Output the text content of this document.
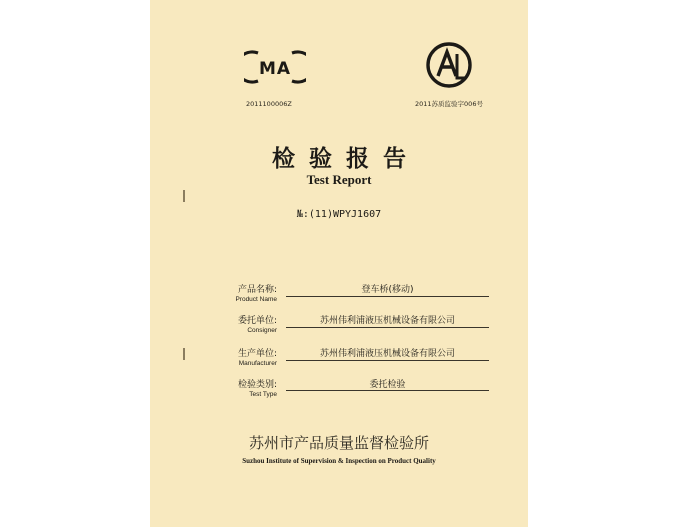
MA
2011100006Z	2011苏质监验字006号
检验报告
Test Report
№:(11)WPYJ1607
产品名称:
Product Name
登车桥(移动)
委托单位:
Consigner
苏州伟利浦液压机械设备有限公司
生产单位:
Manufacturer
苏州伟利浦液压机械设备有限公司
检验类别:
Test Type
委托检验
苏州市产品质量监督检验所
Suzhou Institute of Supervision & Inspection on Product Quality
